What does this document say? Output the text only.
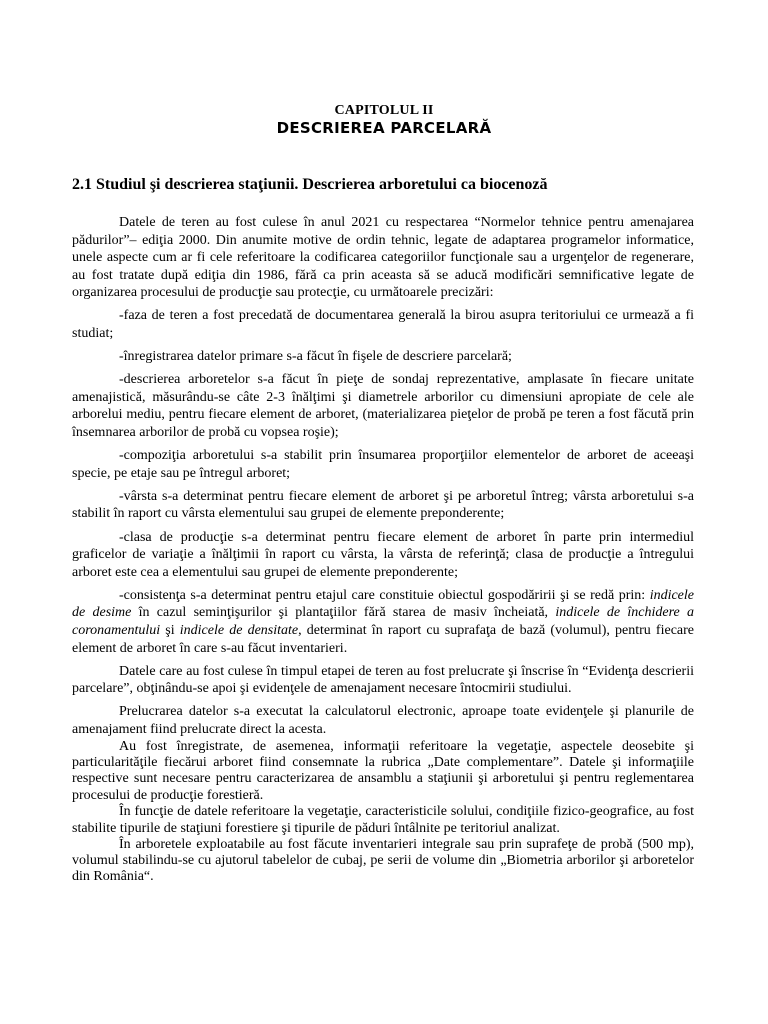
CAPITOLUL II
DESCRIEREA PARCELARĂ
2.1 Studiul şi descrierea staţiunii. Descrierea arboretului ca biocenoză

Datele de teren au fost culese în anul 2021 cu respectarea “Normelor tehnice pentru amenajarea pădurilor”– ediţia 2000. Din anumite motive de ordin tehnic, legate de adaptarea programelor informatice, unele aspecte cum ar fi cele referitoare la codificarea categoriilor funcţionale sau a urgenţelor de regenerare, au fost tratate după ediţia din 1986, fără ca prin aceasta să se aducă modificări semnificative legate de organizarea procesului de producţie sau protecţie, cu următoarele precizări:

-faza de teren a fost precedată de documentarea generală la birou asupra teritoriului ce urmează a fi studiat;

-înregistrarea datelor primare s-a făcut în fişele de descriere parcelară;

-descrierea arboretelor s-a făcut în pieţe de sondaj reprezentative, amplasate în fiecare unitate amenajistică, măsurându-se câte 2-3 înălţimi şi diametrele arborilor cu dimensiuni apropiate de cele ale arborelui mediu, pentru fiecare element de arboret, (materializarea pieţelor de probă pe teren a fost făcută prin însemnarea arborilor de probă cu vopsea roşie);

-compoziţia arboretului s-a stabilit prin însumarea proporţiilor elementelor de arboret de aceeaşi specie, pe etaje sau pe întregul arboret;

-vârsta s-a determinat pentru fiecare element de arboret şi pe arboretul întreg; vârsta arboretului s-a stabilit în raport cu vârsta elementului sau grupei de elemente preponderente;

-clasa de producţie s-a determinat pentru fiecare element de arboret în parte prin intermediul graficelor de variaţie a înălţimii în raport cu vârsta, la vârsta de referinţă; clasa de producţie a întregului arboret este cea a elementului sau grupei de elemente preponderente;

-consistenţa s-a determinat pentru etajul care constituie obiectul gospodăririi şi se redă prin: indicele de desime în cazul seminţişurilor şi plantaţiilor fără starea de masiv încheiată, indicele de închidere a coronamentului şi indicele de densitate, determinat în raport cu suprafaţa de bază (volumul), pentru fiecare element de arboret în care s-au făcut inventarieri.

Datele care au fost culese în timpul etapei de teren au fost prelucrate şi înscrise în “Evidenţa descrierii parcelare”, obţinându-se apoi şi evidenţele de amenajament necesare întocmirii studiului.

Prelucrarea datelor s-a executat la calculatorul electronic, aproape toate evidenţele şi planurile de amenajament fiind prelucrate direct la acesta.

Au fost înregistrate, de asemenea, informaţii referitoare la vegetaţie, aspectele deosebite şi particularităţile fiecărui arboret fiind consemnate la rubrica „Date complementare”. Datele şi informaţiile respective sunt necesare pentru caracterizarea de ansamblu a staţiunii şi arboretului şi pentru reglementarea procesului de producţie forestieră.

În funcţie de datele referitoare la vegetaţie, caracteristicile solului, condiţiile fizico-geografice, au fost stabilite tipurile de staţiuni forestiere şi tipurile de păduri întâlnite pe teritoriul analizat.

În arboretele exploatabile au fost făcute inventarieri integrale sau prin suprafeţe de probă (500 mp), volumul stabilindu-se cu ajutorul tabelelor de cubaj, pe serii de volume din „Biometria arborilor şi arboretelor din România“.
